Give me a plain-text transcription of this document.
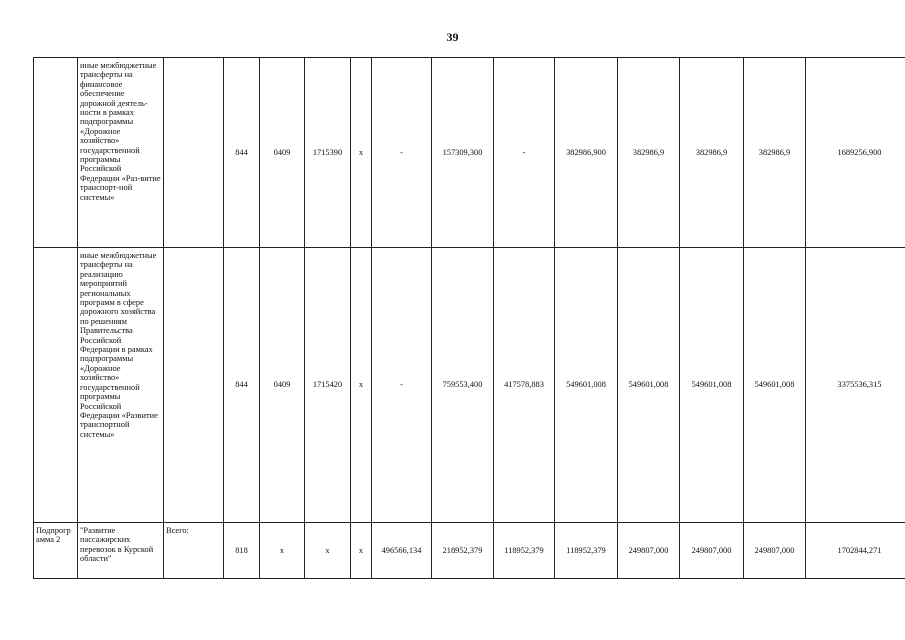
39
	иные межбюджетные трансферты на финансовое обеспечение дорожной деятель-ности в рамках подпрограммы «Дорожное хозяйство» государственной программы Российской Федерации «Раз-витие транспорт-ной системы»		844	0409	1715390	x	-	157309,300	-	382986,900	382986,9	382986,9	382986,9	1689256,900
	иные межбюджетные трансферты на реализацию мероприятий региональных программ в сфере дорожного хозяйства по решениям Правительства Российской Федерации в рамках подпрограммы «Дорожное хозяйство» государственной программы Российской Федерации «Развитие транспортной системы»		844	0409	1715420	x	-	759553,400	417578,883	549601,008	549601,008	549601,008	549601,008	3375536,315
Подпрогр амма 2	"Развитие пассажирских перевозок в Курской области"	Всего:	818	x	x	x	496566,134	218952,379	118952,379	118952,379	249807,000	249807,000	249807,000	1702844,271
